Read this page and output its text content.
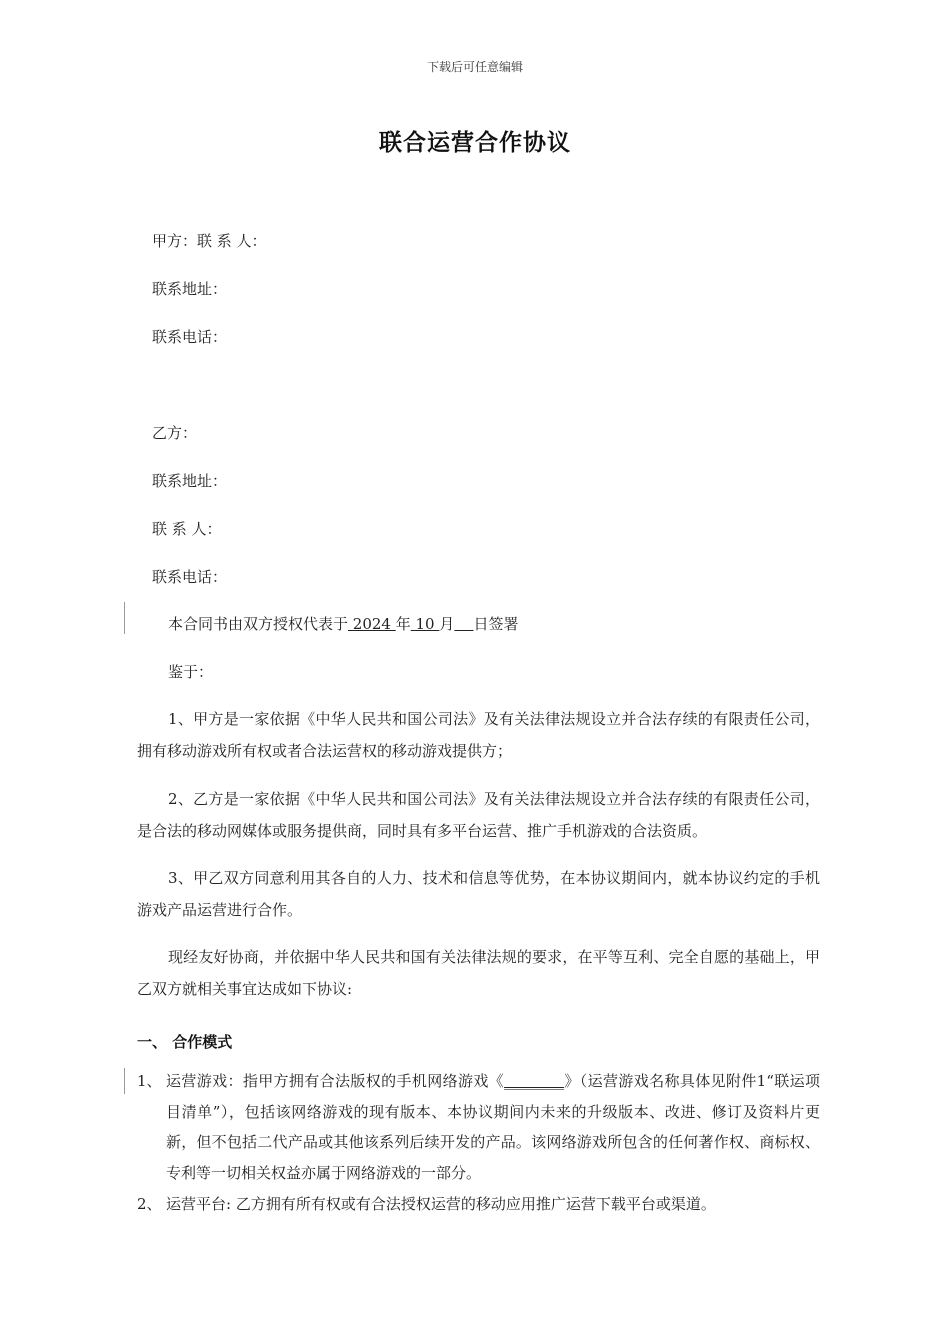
下载后可任意编辑
联合运营合作协议
甲方：联 系 人：
联系地址：
联系电话：
乙方：
联系地址：
联 系 人：
联系电话：
本合同书由双方授权代表于 2024 年 10 月 日签署
鉴于：
1、甲方是一家依据《中华人民共和国公司法》及有关法律法规设立并合法存续的有限责任公司，拥有移动游戏所有权或者合法运营权的移动游戏提供方；
2、乙方是一家依据《中华人民共和国公司法》及有关法律法规设立并合法存续的有限责任公司，是合法的移动网媒体或服务提供商，同时具有多平台运营、推广手机游戏的合法资质。
3、甲乙双方同意利用其各自的人力、技术和信息等优势，在本协议期间内，就本协议约定的手机游戏产品运营进行合作。
现经友好协商，并依据中华人民共和国有关法律法规的要求，在平等互利、完全自愿的基础上，甲乙双方就相关事宜达成如下协议:
一、 合作模式
1、 运营游戏：指甲方拥有合法版权的手机网络游戏《________》（运营游戏名称具体见附件1“联运项目清单”），包括该网络游戏的现有版本、本协议期间内未来的升级版本、改进、修订及资料片更新，但不包括二代产品或其他该系列后续开发的产品。该网络游戏所包含的任何著作权、商标权、专利等一切相关权益亦属于网络游戏的一部分。
2、 运营平台: 乙方拥有所有权或有合法授权运营的移动应用推广运营下载平台或渠道。
